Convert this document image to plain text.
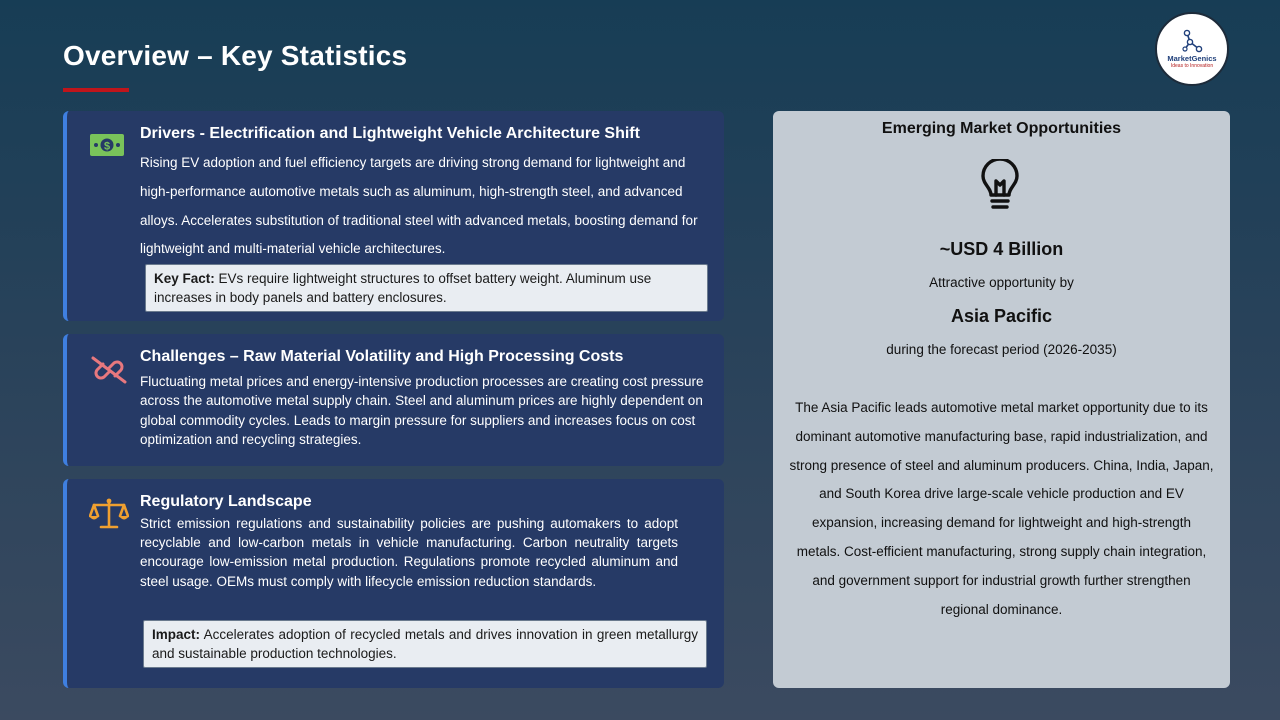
Overview – Key Statistics	MarketGenics
Ideas to Innovation
$
Drivers - Electrification and Lightweight Vehicle Architecture Shift
Rising EV adoption and fuel efficiency targets are driving strong demand for lightweight and high-performance automotive metals such as aluminum, high-strength steel, and advanced alloys. Accelerates substitution of traditional steel with advanced metals, boosting demand for lightweight and multi-material vehicle architectures.
Key Fact: EVs require lightweight structures to offset battery weight. Aluminum use increases in body panels and battery enclosures.
Challenges – Raw Material Volatility and High Processing Costs
Fluctuating metal prices and energy-intensive production processes are creating cost pressure across the automotive metal supply chain. Steel and aluminum prices are highly dependent on global commodity cycles. Leads to margin pressure for suppliers and increases focus on cost optimization and recycling strategies.
Regulatory Landscape
Strict emission regulations and sustainability policies are pushing automakers to adopt recyclable and low-carbon metals in vehicle manufacturing. Carbon neutrality targets encourage low-emission metal production. Regulations promote recycled aluminum and steel usage. OEMs must comply with lifecycle emission reduction standards.
Impact: Accelerates adoption of recycled metals and drives innovation in green metallurgy and sustainable production technologies.
Emerging Market Opportunities
~USD 4 Billion
Attractive opportunity by
Asia Pacific
during the forecast period (2026-2035)
The Asia Pacific leads automotive metal market opportunity due to its dominant automotive manufacturing base, rapid industrialization, and strong presence of steel and aluminum producers. China, India, Japan, and South Korea drive large-scale vehicle production and EV expansion, increasing demand for lightweight and high-strength metals. Cost-efficient manufacturing, strong supply chain integration, and government support for industrial growth further strengthen regional dominance.
